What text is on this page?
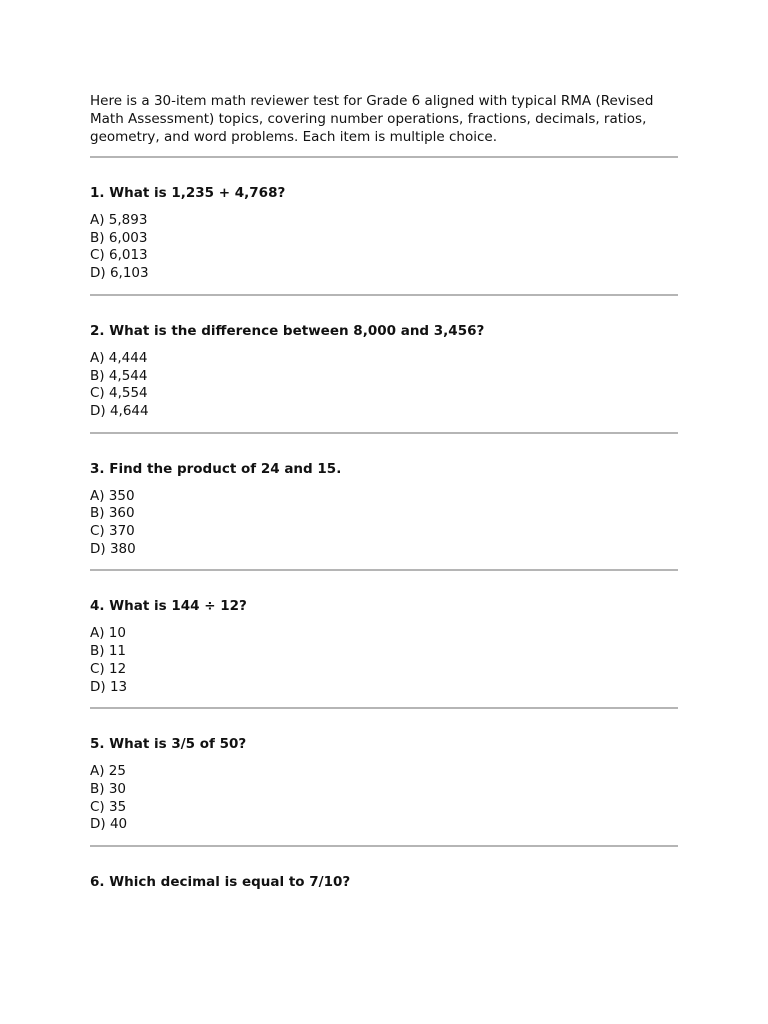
Here is a 30-item math reviewer test for Grade 6 aligned with typical RMA (Revised Math Assessment) topics, covering number operations, fractions, decimals, ratios, geometry, and word problems. Each item is multiple choice.

1. What is 1,235 + 4,768?

A) 5,893
B) 6,003
C) 6,013
D) 6,103

2. What is the difference between 8,000 and 3,456?

A) 4,444
B) 4,544
C) 4,554
D) 4,644

3. Find the product of 24 and 15.

A) 350
B) 360
C) 370
D) 380

4. What is 144 ÷ 12?

A) 10
B) 11
C) 12
D) 13

5. What is 3/5 of 50?

A) 25
B) 30
C) 35
D) 40

6. Which decimal is equal to 7/10?
